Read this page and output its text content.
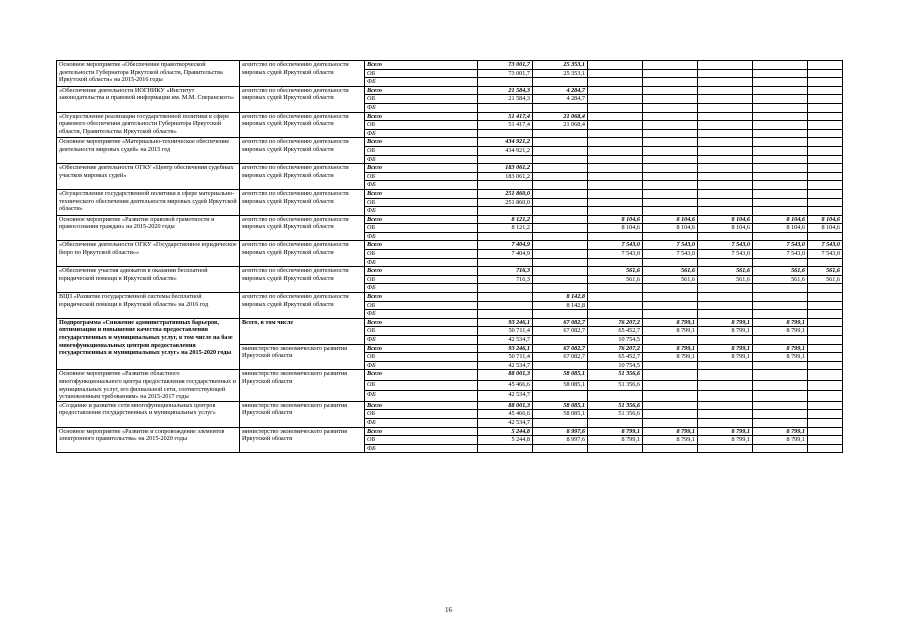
Основное мероприятие «Обеспечение правотворческой деятельности Губернатора Иркутской области, Правительства Иркутской области» на 2015-2016 годы	агентство по обеспечению деятельности мировых судей Иркутской области	Всего	73 001,7	25 353,1					
		ОБ	73 001,7	25 353,1					
		ФБ							
«Обеспечение деятельности ИОГНИКУ «Институт законодательства и правовой информации им. М.М. Сперанского»	агентство по обеспечению деятельности мировых судей Иркутской области	Всего	21 584,3	4 284,7					
		ОБ	21 584,3	4 284,7					
		ФБ							
«Осуществление реализации государственной политики в сфере правового обеспечения деятельности Губернатора Иркутской области, Правительства Иркутской области»	агентство по обеспечению деятельности мировых судей Иркутской области	Всего	51 417,4	21 068,4					
		ОБ	51 417,4	21 068,4					
		ФБ							
Основное мероприятие «Материально-техническое обеспечение деятельности мировых судей» на 2015 год	агентство по обеспечению деятельности мировых судей Иркутской области	Всего	434 921,2						
		ОБ	434 921,2						
		ФБ							
«Обеспечение деятельности ОГКУ «Центр обеспечения судебных участков мировых судей»	агентство по обеспечению деятельности мировых судей Иркутской области	Всего	183 061,2						
		ОБ	183 061,2						
		ФБ							
«Осуществление государственной политики в сфере материально-технического обеспечения деятельности мировых судей Иркутской области»	агентство по обеспечению деятельности мировых судей Иркутской области	Всего	251 860,0						
		ОБ	251 860,0						
		ФБ							
Основное мероприятие «Развитие правовой грамотности и правосознания граждан» на 2015-2020 годы	агентство по обеспечению деятельности мировых судей Иркутской области	Всего	8 121,2		8 104,6	8 104,6	8 104,6	8 104,6	8 104,6
		ОБ	8 121,2		8 104,6	8 104,6	8 104,6	8 104,6	8 104,6
		ФБ							
«Обеспечение деятельности ОГКУ «Государственное юридическое бюро по Иркутской области»»	агентство по обеспечению деятельности мировых судей Иркутской области	Всего	7 404,9		7 543,0	7 543,0	7 543,0	7 543,0	7 543,0
		ОБ	7 404,9		7 543,0	7 543,0	7 543,0	7 543,0	7 543,0
		ФБ							
«Обеспечение участия адвокатов в оказании бесплатной юридической помощи в Иркутской области»	агентство по обеспечению деятельности мировых судей Иркутской области	Всего	716,3		561,6	561,6	561,6	561,6	561,6
		ОБ	716,3		561,6	561,6	561,6	561,6	561,6
		ФБ							
ВЦП «Развитие государственной системы бесплатной юридической помощи в Иркутской области» на 2016 год	агентство по обеспечению деятельности мировых судей Иркутской области	Всего		8 142,8					
		ОБ		8 142,8					
		ФБ							
Подпрограмма «Снижение административных барьеров, оптимизация и повышение качества предоставления государственных и муниципальных услуг, в том числе на базе многофункциональных центров предоставления государственных и муниципальных услуг» на 2015-2020 годы	Всего, в том числе	Всего	93 246,1	67 082,7	76 207,2	8 799,1	8 799,1	8 799,1	
		ОБ	50 711,4	67 082,7	65 452,7	8 799,1	8 799,1	8 799,1	
		ФБ	42 534,7		10 754,5				
	министерство экономического развития Иркутской области	Всего	93 246,1	67 082,7	76 207,2	8 799,1	8 799,1	8 799,1	
		ОБ	50 711,4	67 082,7	65 452,7	8 799,1	8 799,1	8 799,1	
		ФБ	42 534,7		10 754,5				
Основное мероприятие «Развитие областного многофункционального центра предоставления государственных и муниципальных услуг, его филиальной сети, соответствующей установленным требованиям» на 2015-2017 годы	министерство экономического развития Иркутской области	Всего	88 001,3	58 085,1	51 356,6				
		ОБ	45 466,6	58 085,1	51 356,6				
		ФБ	42 534,7						
«Создание и развитие сети многофункциональных центров предоставления государственных и муниципальных услуг»	министерство экономического развития Иркутской области	Всего	88 001,3	58 085,1	51 356,6				
		ОБ	45 466,6	58 085,1	51 356,6				
		ФБ	42 534,7						
Основное мероприятие «Развитие и сопровождение элементов электронного правительства» на 2015-2020 годы	министерство экономического развития Иркутской области	Всего	5 244,8	8 997,6	8 799,1	8 799,1	8 799,1	8 799,1	
		ОБ	5 244,8	8 997,6	8 799,1	8 799,1	8 799,1	8 799,1	
		ФБ							
16
